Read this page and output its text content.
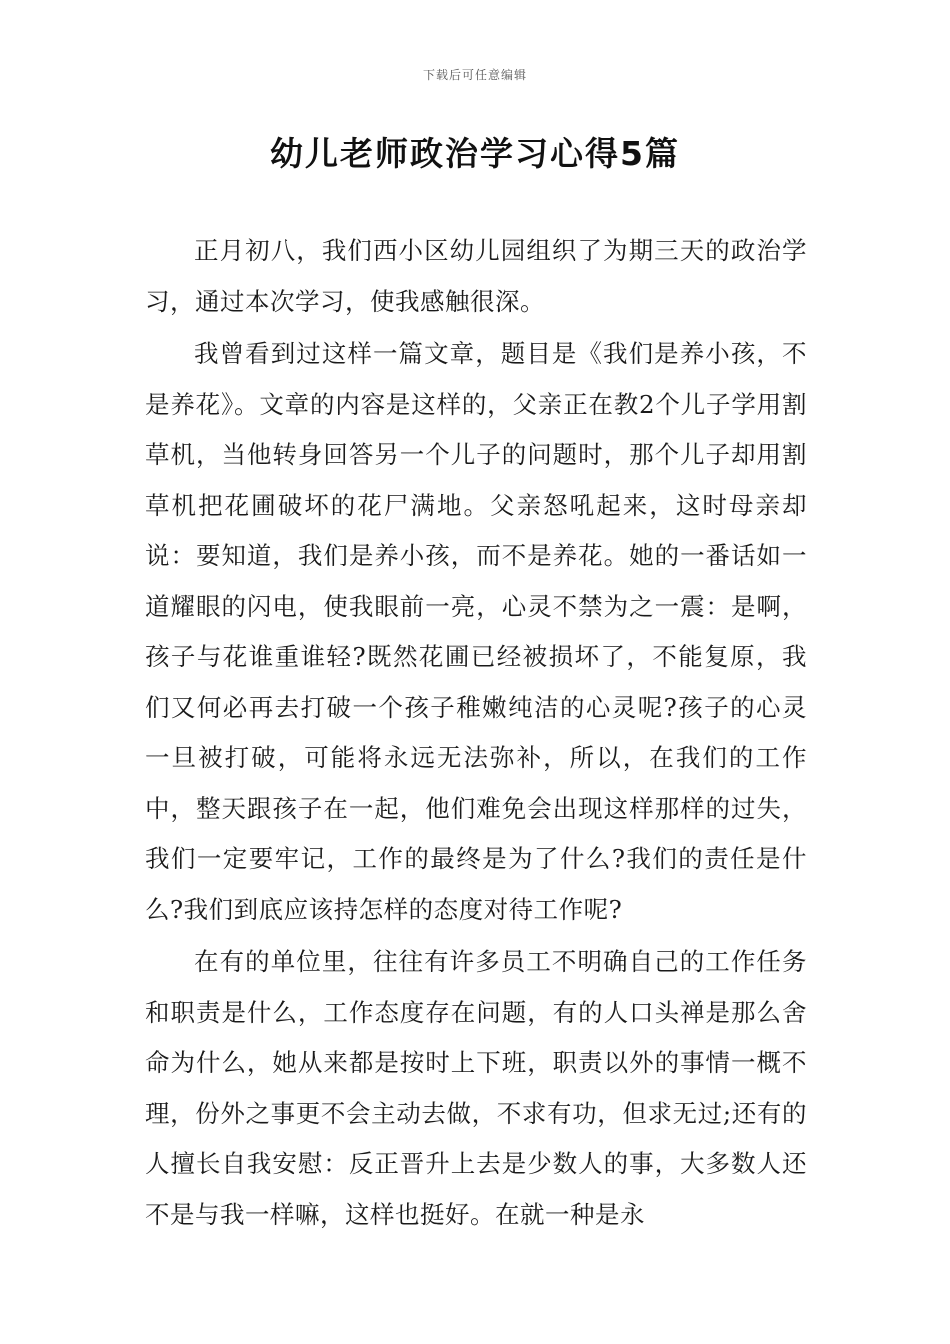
下载后可任意编辑
幼儿老师政治学习心得5篇

正月初八，我们西小区幼儿园组织了为期三天的政治学习，通过本次学习，使我感触很深。

我曾看到过这样一篇文章，题目是《我们是养小孩，不是养花》。文章的内容是这样的，父亲正在教2个儿子学用割草机，当他转身回答另一个儿子的问题时，那个儿子却用割草机把花圃破坏的花尸满地。父亲怒吼起来，这时母亲却说：要知道，我们是养小孩，而不是养花。她的一番话如一道耀眼的闪电，使我眼前一亮，心灵不禁为之一震：是啊，孩子与花谁重谁轻?既然花圃已经被损坏了，不能复原，我们又何必再去打破一个孩子稚嫩纯洁的心灵呢?孩子的心灵一旦被打破，可能将永远无法弥补，所以，在我们的工作中，整天跟孩子在一起，他们难免会出现这样那样的过失，我们一定要牢记，工作的最终是为了什么?我们的责任是什么?我们到底应该持怎样的态度对待工作呢?

在有的单位里，往往有许多员工不明确自己的工作任务和职责是什么，工作态度存在问题，有的人口头禅是那么舍命为什么，她从来都是按时上下班，职责以外的事情一概不理，份外之事更不会主动去做，不求有功，但求无过;还有的人擅长自我安慰：反正晋升上去是少数人的事，大多数人还不是与我一样嘛，这样也挺好。在就一种是永
